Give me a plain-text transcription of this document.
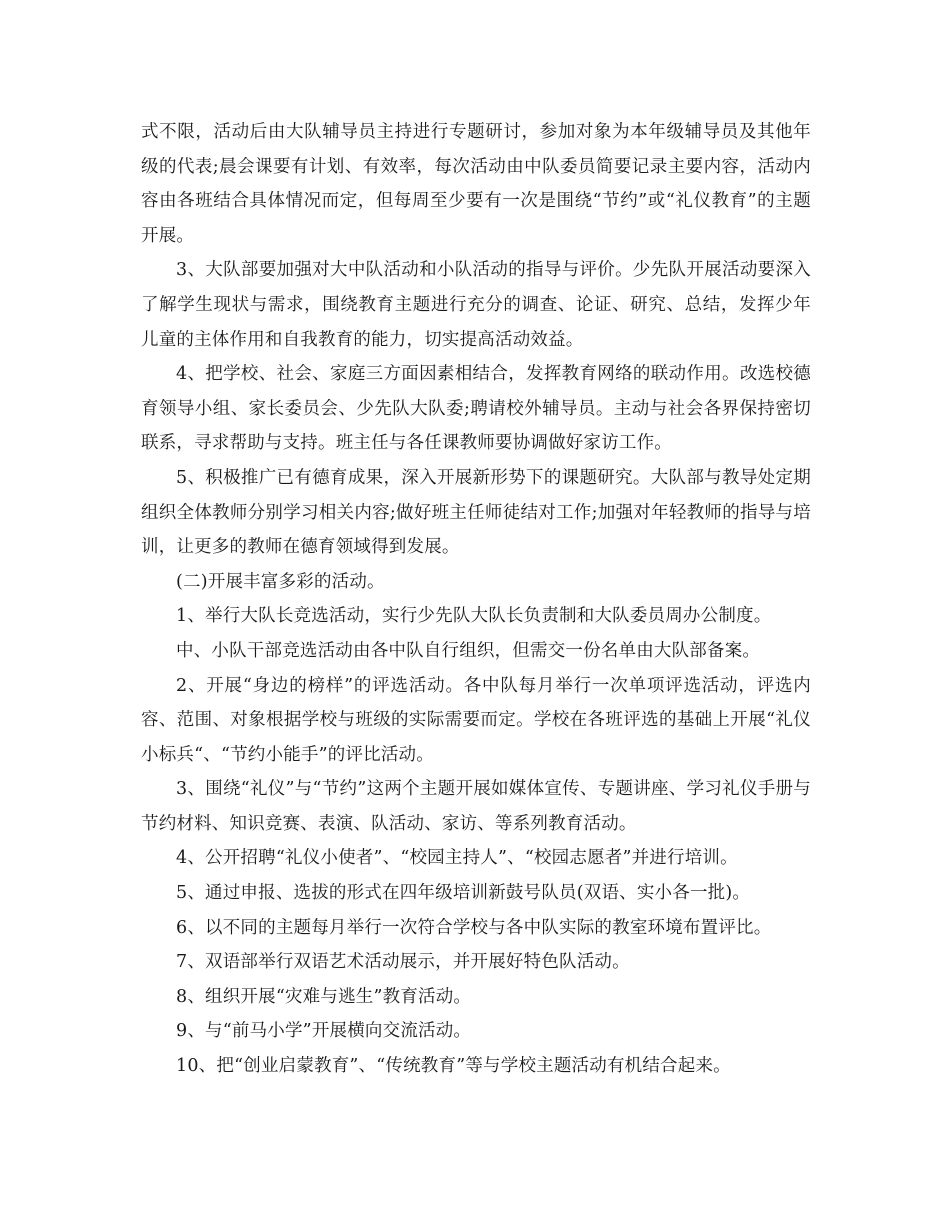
式不限，活动后由大队辅导员主持进行专题研讨，参加对象为本年级辅导员及其他年级的代表;晨会课要有计划、有效率，每次活动由中队委员简要记录主要内容，活动内容由各班结合具体情况而定，但每周至少要有一次是围绕“节约”或“礼仪教育”的主题开展。

3、大队部要加强对大中队活动和小队活动的指导与评价。少先队开展活动要深入了解学生现状与需求，围绕教育主题进行充分的调查、论证、研究、总结，发挥少年儿童的主体作用和自我教育的能力，切实提高活动效益。

4、把学校、社会、家庭三方面因素相结合，发挥教育网络的联动作用。改选校德育领导小组、家长委员会、少先队大队委;聘请校外辅导员。主动与社会各界保持密切联系，寻求帮助与支持。班主任与各任课教师要协调做好家访工作。

5、积极推广已有德育成果，深入开展新形势下的课题研究。大队部与教导处定期组织全体教师分别学习相关内容;做好班主任师徒结对工作;加强对年轻教师的指导与培训，让更多的教师在德育领域得到发展。

(二)开展丰富多彩的活动。

1、举行大队长竞选活动，实行少先队大队长负责制和大队委员周办公制度。

中、小队干部竞选活动由各中队自行组织，但需交一份名单由大队部备案。

2、开展“身边的榜样”的评选活动。各中队每月举行一次单项评选活动，评选内容、范围、对象根据学校与班级的实际需要而定。学校在各班评选的基础上开展“礼仪小标兵“、“节约小能手”的评比活动。

3、围绕“礼仪”与“节约”这两个主题开展如媒体宣传、专题讲座、学习礼仪手册与节约材料、知识竞赛、表演、队活动、家访、等系列教育活动。

4、公开招聘“礼仪小使者”、“校园主持人”、“校园志愿者”并进行培训。

5、通过申报、选拔的形式在四年级培训新鼓号队员(双语、实小各一批)。

6、以不同的主题每月举行一次符合学校与各中队实际的教室环境布置评比。

7、双语部举行双语艺术活动展示，并开展好特色队活动。

8、组织开展“灾难与逃生”教育活动。

9、与“前马小学”开展横向交流活动。

10、把“创业启蒙教育”、“传统教育”等与学校主题活动有机结合起来。
